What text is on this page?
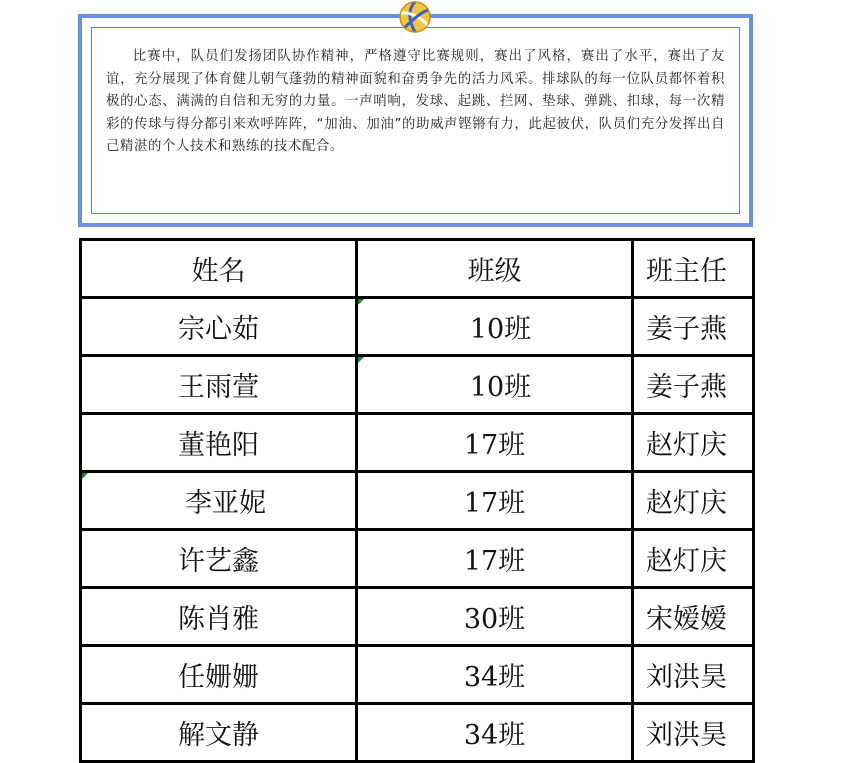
比赛中，队员们发扬团队协作精神，严格遵守比赛规则，赛出了风格，赛出了水平，赛出了友谊，充分展现了体育健儿朝气蓬勃的精神面貌和奋勇争先的活力风采。排球队的每一位队员都怀着积极的心态、满满的自信和无穷的力量。一声哨响，发球、起跳、拦网、垫球、弹跳、扣球，每一次精彩的传球与得分都引来欢呼阵阵，“加油、加油”的助威声铿锵有力，此起彼伏，队员们充分发挥出自己精湛的个人技术和熟练的技术配合。

姓名	班级	班主任
宗心茹	10班	姜子燕
王雨萱	10班	姜子燕
董艳阳	17班	赵灯庆

李亚妮	17班	赵灯庆
许艺鑫	17班	赵灯庆
陈肖雅	30班	宋嫒嫒
任姗姗	34班	刘洪昊
解文静	34班	刘洪昊
